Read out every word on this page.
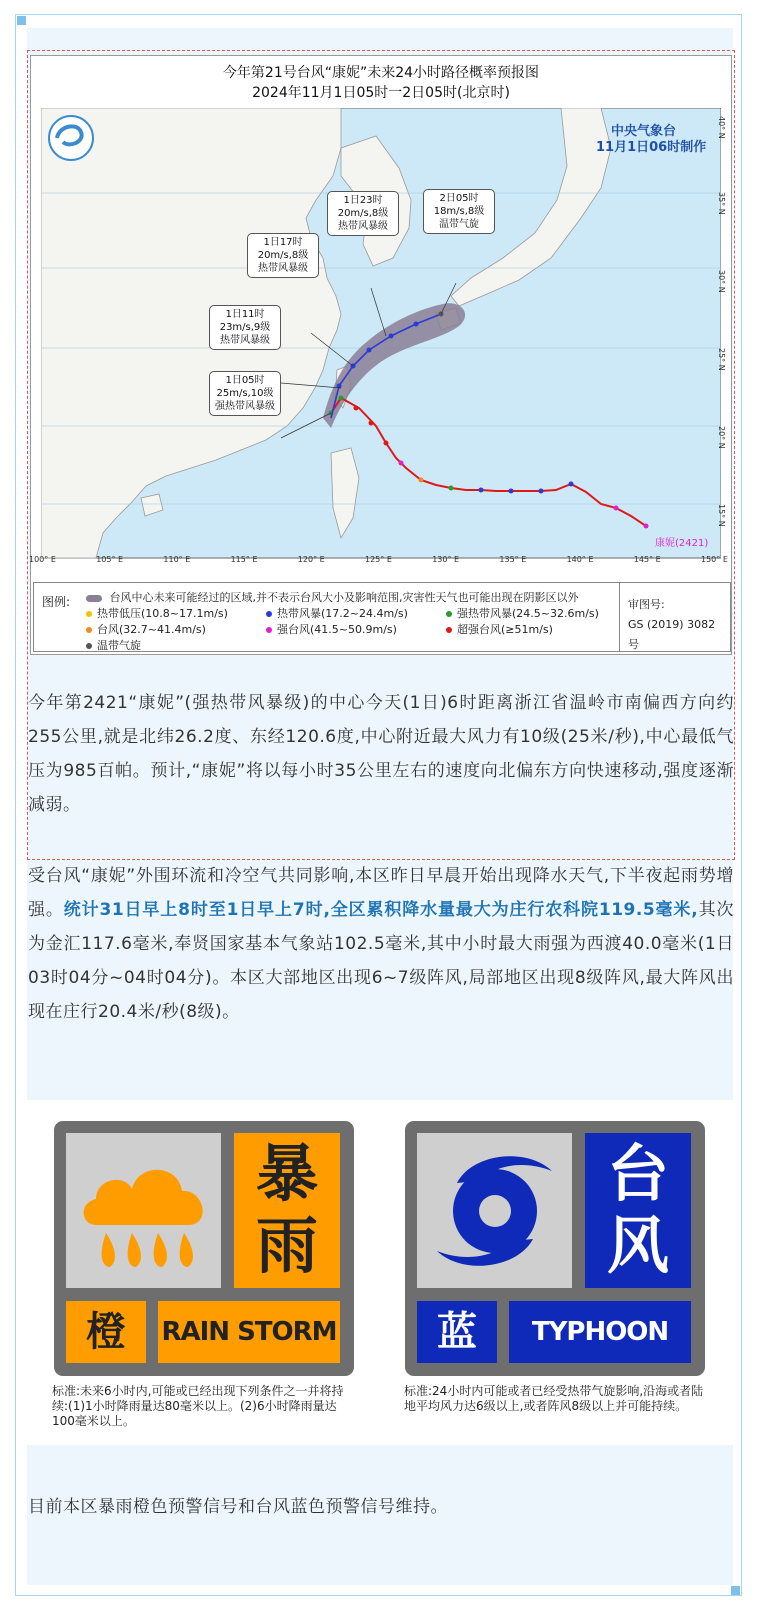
今年第21号台风“康妮”未来24小时路径概率预报图
2024年11月1日05时一2日05时(北京时)
中央气象台
11月1日06时制作
康妮(2421)
1日05时
25m/s,10级
强热带风暴级
1日11时
23m/s,9级
热带风暴级
1日17时
20m/s,8级
热带风暴级
1日23时
20m/s,8级
热带风暴级
2日05时
18m/s,8级
温带气旋
100° E	105° E	110° E	115° E	120° E	125° E	130° E	135° E	140° E	145° E	150° E
15° N
20° N
25° N
30° N
35° N
40° N
图例:	台风中心未来可能经过的区域,并不表示台风大小及影响范围,灾害性天气也可能出现在阴影区以外
热带低压(10.8~17.1m/s)	热带风暴(17.2~24.4m/s)	强热带风暴(24.5~32.6m/s)
台风(32.7~41.4m/s)	强台风(41.5~50.9m/s)	超强台风(≥51m/s)
温带气旋
审图号:
GS (2019) 3082号
今年第2421“康妮”(强热带风暴级)的中心今天(1日)6时距离浙江省温岭市南偏西方向约255公里,就是北纬26.2度、东经120.6度,中心附近最大风力有10级(25米/秒),中心最低气压为985百帕。预计,“康妮”将以每小时35公里左右的速度向北偏东方向快速移动,强度逐渐减弱。
受台风“康妮”外围环流和冷空气共同影响,本区昨日早晨开始出现降水天气,下半夜起雨势增强。统计31日早上8时至1日早上7时,全区累积降水量最大为庄行农科院119.5毫米,其次为金汇117.6毫米,奉贤国家基本气象站102.5毫米,其中小时最大雨强为西渡40.0毫米(1日03时04分~04时04分)。本区大部地区出现6~7级阵风,局部地区出现8级阵风,最大阵风出现在庄行20.4米/秒(8级)。
暴
雨
橙	RAIN STORM
标准:未来6小时内,可能或已经出现下列条件之一并将持续:(1)1小时降雨量达80毫米以上。(2)6小时降雨量达100毫米以上。
台
风
蓝	TYPHOON
标准:24小时内可能或者已经受热带气旋影响,沿海或者陆地平均风力达6级以上,或者阵风8级以上并可能持续。
目前本区暴雨橙色预警信号和台风蓝色预警信号维持。
